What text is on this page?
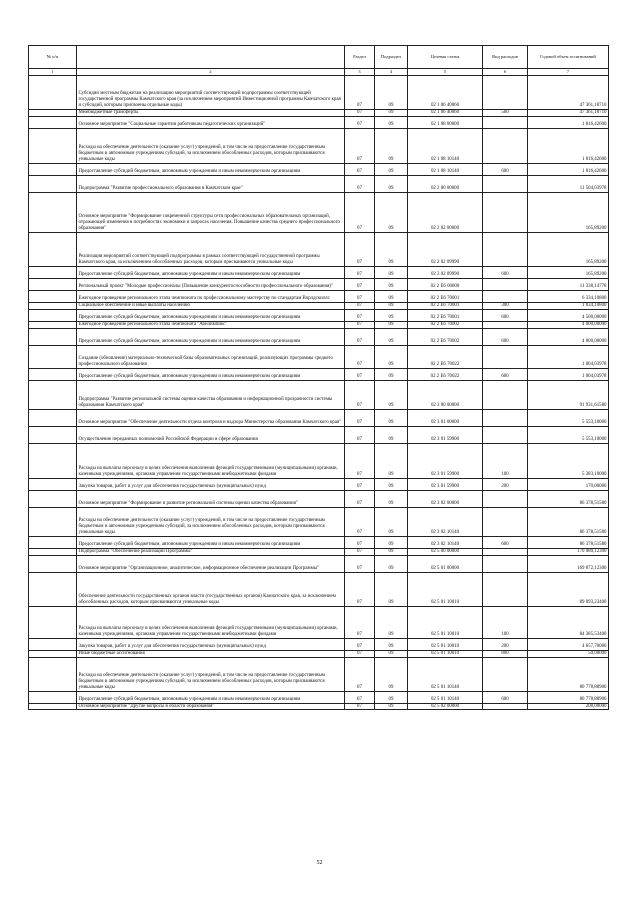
№ п/п		Раздел	Подраздел	Целевая статья	Вид расходов	Годовой объем ассигнований
1	2	3	4	5	6	7
	Субсидии местным бюджетам на реализацию мероприятий соответствующей подпрограммы соответствующей государственной программы Камчатского края (за исключением мероприятий Инвестиционной программы Камчатского края и субсидий, которым присвоены отдельные коды)	07	09	02 1 06 40060		47 361,18710
	Межбюджетные трансферты	07	09	02 1 06 40060	500	47 361,18710
	Основное мероприятие "Социальные гарантии работникам педагогических организаций"	07	09	02 1 08 00000		1 816,42600
	Расходы на обеспечение деятельности (оказание услуг) учреждений, в том числе на предоставление государственным бюджетным и автономным учреждениям субсидий, за исключением обособленных расходов, которым присваиваются уникальные коды	07	09	02 1 08 10140		1 816,42600
	Предоставление субсидий бюджетным, автономным учреждениям и иным некоммерческим организациям	07	09	02 1 08 10140	600	1 816,42600
	Подпрограмма "Развитие профессионального образования в Камчатском крае"	07	09	02 2 00 00000		11 504,03978
	Основное мероприятие "Формирование современной структуры сети профессиональных образовательных организаций, отражающей изменения в потребностях экономики и запросах населения. Повышение качества среднего профессионального образования"	07	09	02 2 02 00000		165,89200
	Реализация мероприятий соответствующей подпрограммы в рамках соответствующей государственной программы Камчатского края, за исключением обособленных расходов, которым присваиваются уникальные коды	07	09	02 2 02 09990		165,89200
	Предоставление субсидий бюджетным, автономным учреждениям и иным некоммерческим организациям	07	09	02 2 02 09990	600	165,89200
	Региональный проект "Молодые профессионалы (Повышение конкурентоспособности профессионального образования)"	07	09	02 2 E6 00000		11 338,14778
	Ежегодное проведение регионального этапа чемпионата по профессиональному мастерству по стандартам Ворлдскиллс	07	09	02 2 E6 70001		6 334,10800
	Социальное обеспечение и иные выплаты населению	07	09	02 2 E6 70001	300	1 834,10800
	Предоставление субсидий бюджетным, автономным учреждениям и иным некоммерческим организациям	07	09	02 2 E6 70001	600	4 500,00000
	Ежегодное проведение регионального этапа чемпионата "Абилимпикс"	07	09	02 2 E6 70002		4 000,00000
	Предоставление субсидий бюджетным, автономным учреждениям и иным некоммерческим организациям	07	09	02 2 E6 70002	600	4 000,00000
	Создание (обновление) материально-технической базы образовательных организаций, реализующих программы среднего профессионального образования	07	09	02 2 E6 70022		1 004,03978
	Предоставление субсидий бюджетным, автономным учреждениям и иным некоммерческим организациям	07	09	02 2 E6 70022	600	1 004,03978
	Подпрограмма "Развитие региональной системы оценки качества образования и информационной прозрачности системы образования Камчатского края"	07	09	02 3 00 00000		91 931,61580
	Основное мероприятие "Обеспечение деятельности отдела контроля и надзора Министерства образования Камчатского края"	07	09	02 3 01 00000		5 553,10000
	Осуществление переданных полномочий Российской Федерации в сфере образования	07	09	02 3 01 59900		5 553,10000
	Расходы на выплаты персоналу в целях обеспечения выполнения функций государственными (муниципальными) органами, казенными учреждениями, органами управления государственными внебюджетными фондами	07	09	02 3 01 59900	100	5 383,10000
	Закупка товаров, работ и услуг для обеспечения государственных (муниципальных) нужд	07	09	02 3 01 59900	200	170,00000
	Основное мероприятие "Формирование и развитие региональной системы оценки качества образования"	07	09	02 3 02 00000		86 378,51580
	Расходы на обеспечение деятельности (оказание услуг) учреждений, в том числе на предоставление государственным бюджетным и автономным учреждениям субсидий, за исключением обособленных расходов, которым присваиваются уникальные коды	07	09	02 3 02 10140		86 378,51580
	Предоставление субсидий бюджетным, автономным учреждениям и иным некоммерческим организациям	07	09	02 3 02 10140	600	86 378,51580
	Подпрограмма "Обеспечение реализации Программы"	07	09	02 5 00 00000		170 080,12300
	Основное мероприятие "Организационное, аналитическое, информационное обеспечение реализации Программы"	07	09	02 5 01 00000		169 872,12300
	Обеспечение деятельности государственных органов власти (государственных органов) Камчатского края, за исключением обособленных расходов, которым присваиваются уникальные коды	07	09	02 5 01 10010		89 093,23400
	Расходы на выплаты персоналу в целях обеспечения выполнения функций государственными (муниципальными) органами, казенными учреждениями, органами управления государственными внебюджетными фондами	07	09	02 5 01 10010	100	84 385,53400
	Закупка товаров, работ и услуг для обеспечения государственных (муниципальных) нужд	07	09	02 5 01 10010	200	4 657,70000
	Иные бюджетные ассигнования	07	09	02 5 01 10010	800	50,00000
	Расходы на обеспечение деятельности (оказание услуг) учреждений, в том числе на предоставление государственным бюджетным и автономным учреждениям субсидий, за исключением обособленных расходов, которым присваиваются уникальные коды	07	09	02 5 01 10140		80 778,88900
	Предоставление субсидий бюджетным, автономным учреждениям и иным некоммерческим организациям	07	09	02 5 01 10140	600	80 778,88900
	Основное мероприятие "Другие вопросы в области образования"	07	09	02 5 02 00000		208,00000
52
